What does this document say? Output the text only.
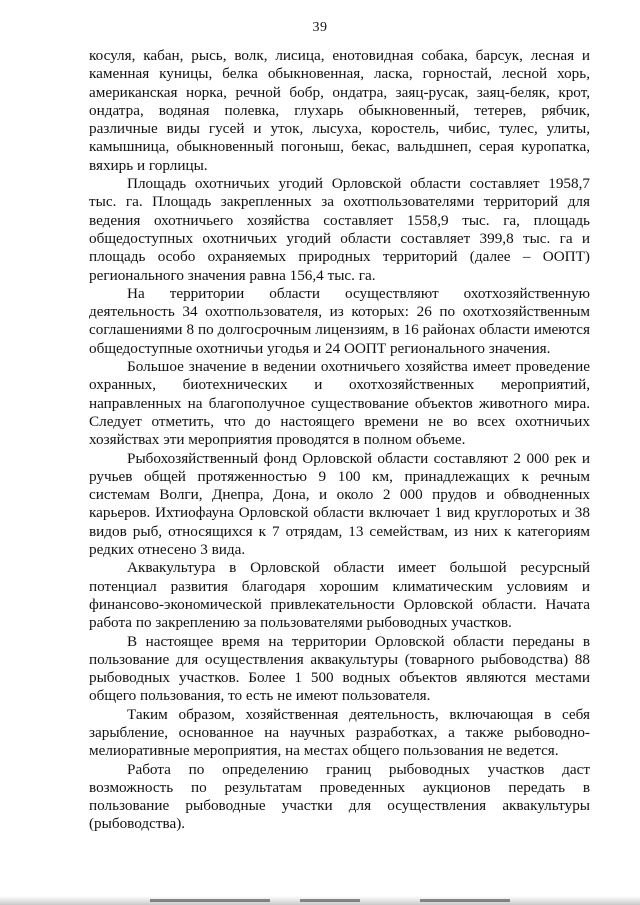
39

косуля, кабан, рысь, волк, лисица, енотовидная собака, барсук, лесная и каменная куницы, белка обыкновенная, ласка, горностай, лесной хорь, американская норка, речной бобр, ондатра, заяц-русак, заяц-беляк, крот, ондатра, водяная полевка, глухарь обыкновенный, тетерев, рябчик, различные виды гусей и уток, лысуха, коростель, чибис, тулес, улиты, камышница, обыкновенный погоныш, бекас, вальдшнеп, серая куропатка, вяхирь и горлицы.

Площадь охотничьих угодий Орловской области составляет 1958,7 тыс. га. Площадь закрепленных за охотпользователями территорий для ведения охотничьего хозяйства составляет 1558,9 тыс. га, площадь общедоступных охотничьих угодий области составляет 399,8 тыс. га и площадь особо охраняемых природных территорий (далее – ООПТ) регионального значения равна 156,4 тыс. га.

На территории области осуществляют охотхозяйственную деятельность 34 охотпользователя, из которых: 26 по охотхозяйственным соглашениями 8 по долгосрочным лицензиям, в 16 районах области имеются общедоступные охотничьи угодья и 24 ООПТ регионального значения.

Большое значение в ведении охотничьего хозяйства имеет проведение охранных, биотехнических и охотхозяйственных мероприятий, направленных на благополучное существование объектов животного мира. Следует отметить, что до настоящего времени не во всех охотничьих хозяйствах эти мероприятия проводятся в полном объеме.

Рыбохозяйственный фонд Орловской области составляют 2 000 рек и ручьев общей протяженностью 9 100 км, принадлежащих к речным системам Волги, Днепра, Дона, и около 2 000 прудов и обводненных карьеров. Ихтиофауна Орловской области включает 1 вид круглоротых и 38 видов рыб, относящихся к 7 отрядам, 13 семействам, из них к категориям редких отнесено 3 вида.

Аквакультура в Орловской области имеет большой ресурсный потенциал развития благодаря хорошим климатическим условиям и финансово-экономической привлекательности Орловской области. Начата работа по закреплению за пользователями рыбоводных участков.

В настоящее время на территории Орловской области переданы в пользование для осуществления аквакультуры (товарного рыбоводства) 88 рыбоводных участков. Более 1 500 водных объектов являются местами общего пользования, то есть не имеют пользователя.

Таким образом, хозяйственная деятельность, включающая в себя зарыбление, основанное на научных разработках, а также рыбоводно-мелиоративные мероприятия, на местах общего пользования не ведется.

Работа по определению границ рыбоводных участков даст возможность по результатам проведенных аукционов передать в пользование рыбоводные участки для осуществления аквакультуры (рыбоводства).
